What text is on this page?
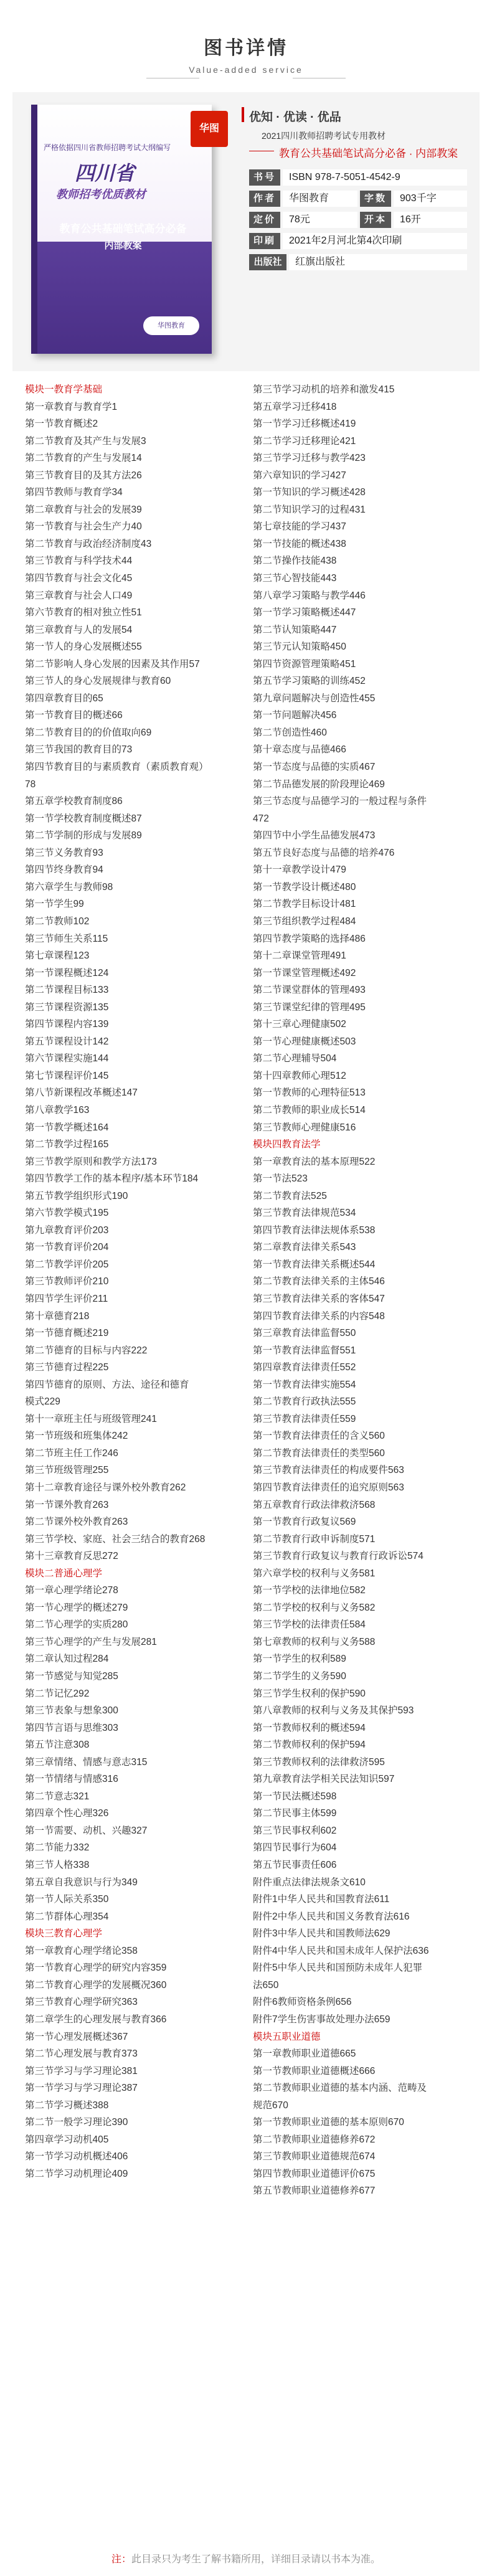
图书详情
Value-added service
严格依据四川省教师招聘考试大纲编写
四川省
教师招考优质教材
教育公共基础笔试高分必备
内部教案
华图教育
华图
优知 · 优读 · 优品
2021四川教师招聘考试专用教材
教育公共基础笔试高分必备 · 内部教案
书号	ISBN 978-7-5051-4542-9
作者	华图教育	字数	903千字
定价	78元	开本	16开
印刷	2021年2月河北第4次印刷
出版社	红旗出版社
模块一教育学基础
第一章教育与教育学1
第一节教育概述2
第二节教育及其产生与发展3
第二节教育的产生与发展14
第三节教育目的及其方法26
第四节教师与教育学34
第二章教育与社会的发展39
第一节教育与社会生产力40
第二节教育与政治经济制度43
第三节教育与科学技术44
第四节教育与社会文化45
第三章教育与社会人口49
第六节教育的相对独立性51
第三章教育与人的发展54
第一节人的身心发展概述55
第二节影响人身心发展的因素及其作用57
第三节人的身心发展规律与教育60
第四章教育目的65
第一节教育目的概述66
第二节教育目的的价值取向69
第三节我国的教育目的73
第四节教育目的与素质教育（素质教育观）
78
第五章学校教育制度86
第一节学校教育制度概述87
第二节学制的形成与发展89
第三节义务教育93
第四节终身教育94
第六章学生与教师98
第一节学生99
第二节教师102
第三节师生关系115
第七章课程123
第一节课程概述124
第二节课程目标133
第三节课程资源135
第四节课程内容139
第五节课程设计142
第六节课程实施144
第七节课程评价145
第八节新课程改革概述147
第八章教学163
第一节教学概述164
第二节教学过程165
第三节教学原则和教学方法173
第四节教学工作的基本程序/基本环节184
第五节教学组织形式190
第六节教学模式195
第九章教育评价203
第一节教育评价204
第二节教学评价205
第三节教师评价210
第四节学生评价211
第十章德育218
第一节德育概述219
第二节德育的目标与内容222
第三节德育过程225
第四节德育的原则、方法、途径和德育
模式229
第十一章班主任与班级管理241
第一节班级和班集体242
第二节班主任工作246
第三节班级管理255
第十二章教育途径与课外校外教育262
第一节课外教育263
第二节课外校外教育263
第三节学校、家庭、社会三结合的教育268
第十三章教育反思272
模块二普通心理学
第一章心理学绪论278
第一节心理学的概述279
第二节心理学的实质280
第三节心理学的产生与发展281
第二章认知过程284
第一节感觉与知觉285
第二节记忆292
第三节表象与想象300
第四节言语与思维303
第五节注意308
第三章情绪、情感与意志315
第一节情绪与情感316
第二节意志321
第四章个性心理326
第一节需要、动机、兴趣327
第二节能力332
第三节人格338
第五章自我意识与行为349
第一节人际关系350
第二节群体心理354
模块三教育心理学
第一章教育心理学绪论358
第一节教育心理学的研究内容359
第二节教育心理学的发展概况360
第三节教育心理学研究363
第二章学生的心理发展与教育366
第一节心理发展概述367
第二节心理发展与教育373
第三节学习与学习理论381
第一节学习与学习理论387
第二节学习概述388
第二节一般学习理论390
第四章学习动机405
第一节学习动机概述406
第二节学习动机理论409
第三节学习动机的培养和激发415
第五章学习迁移418
第一节学习迁移概述419
第二节学习迁移理论421
第三节学习迁移与教学423
第六章知识的学习427
第一节知识的学习概述428
第二节知识学习的过程431
第七章技能的学习437
第一节技能的概述438
第二节操作技能438
第三节心智技能443
第八章学习策略与教学446
第一节学习策略概述447
第二节认知策略447
第三节元认知策略450
第四节资源管理策略451
第五节学习策略的训练452
第九章问题解决与创造性455
第一节问题解决456
第二节创造性460
第十章态度与品德466
第一节态度与品德的实质467
第二节品德发展的阶段理论469
第三节态度与品德学习的一般过程与条件
472
第四节中小学生品德发展473
第五节良好态度与品德的培养476
第十一章教学设计479
第一节教学设计概述480
第二节教学目标设计481
第三节组织教学过程484
第四节教学策略的选择486
第十二章课堂管理491
第一节课堂管理概述492
第二节课堂群体的管理493
第三节课堂纪律的管理495
第十三章心理健康502
第一节心理健康概述503
第二节心理辅导504
第十四章教师心理512
第一节教师的心理特征513
第二节教师的职业成长514
第三节教师心理健康516
模块四教育法学
第一章教育法的基本原理522
第一节法523
第二节教育法525
第三节教育法律规范534
第四节教育法律法规体系538
第二章教育法律关系543
第一节教育法律关系概述544
第二节教育法律关系的主体546
第三节教育法律关系的客体547
第四节教育法律关系的内容548
第三章教育法律监督550
第一节教育法律监督551
第四章教育法律责任552
第一节教育法律实施554
第二节教育行政执法555
第三节教育法律责任559
第一节教育法律责任的含义560
第二节教育法律责任的类型560
第三节教育法律责任的构成要件563
第四节教育法律责任的追究原则563
第五章教育行政法律救济568
第一节教育行政复议569
第二节教育行政申诉制度571
第三节教育行政复议与教育行政诉讼574
第六章学校的权利与义务581
第一节学校的法律地位582
第二节学校的权利与义务582
第三节学校的法律责任584
第七章教师的权利与义务588
第一节学生的权利589
第二节学生的义务590
第三节学生权利的保护590
第八章教师的权利与义务及其保护593
第一节教师权利的概述594
第二节教师权利的保护594
第三节教师权利的法律救济595
第九章教育法学相关民法知识597
第一节民法概述598
第二节民事主体599
第三节民事权利602
第四节民事行为604
第五节民事责任606
附件重点法律法规条文610
附件1中华人民共和国教育法611
附件2中华人民共和国义务教育法616
附件3中华人民共和国教师法629
附件4中华人民共和国未成年人保护法636
附件5中华人民共和国预防未成年人犯罪
法650
附件6教师资格条例656
附件7学生伤害事故处理办法659
模块五职业道德
第一章教师职业道德665
第一节教师职业道德概述666
第二节教师职业道德的基本内涵、范畴及
规范670
第一节教师职业道德的基本原则670
第二节教师职业道德修养672
第三节教师职业道德规范674
第四节教师职业道德评价675
第五节教师职业道德修养677
注：此目录只为考生了解书籍所用，详细目录请以书本为准。
